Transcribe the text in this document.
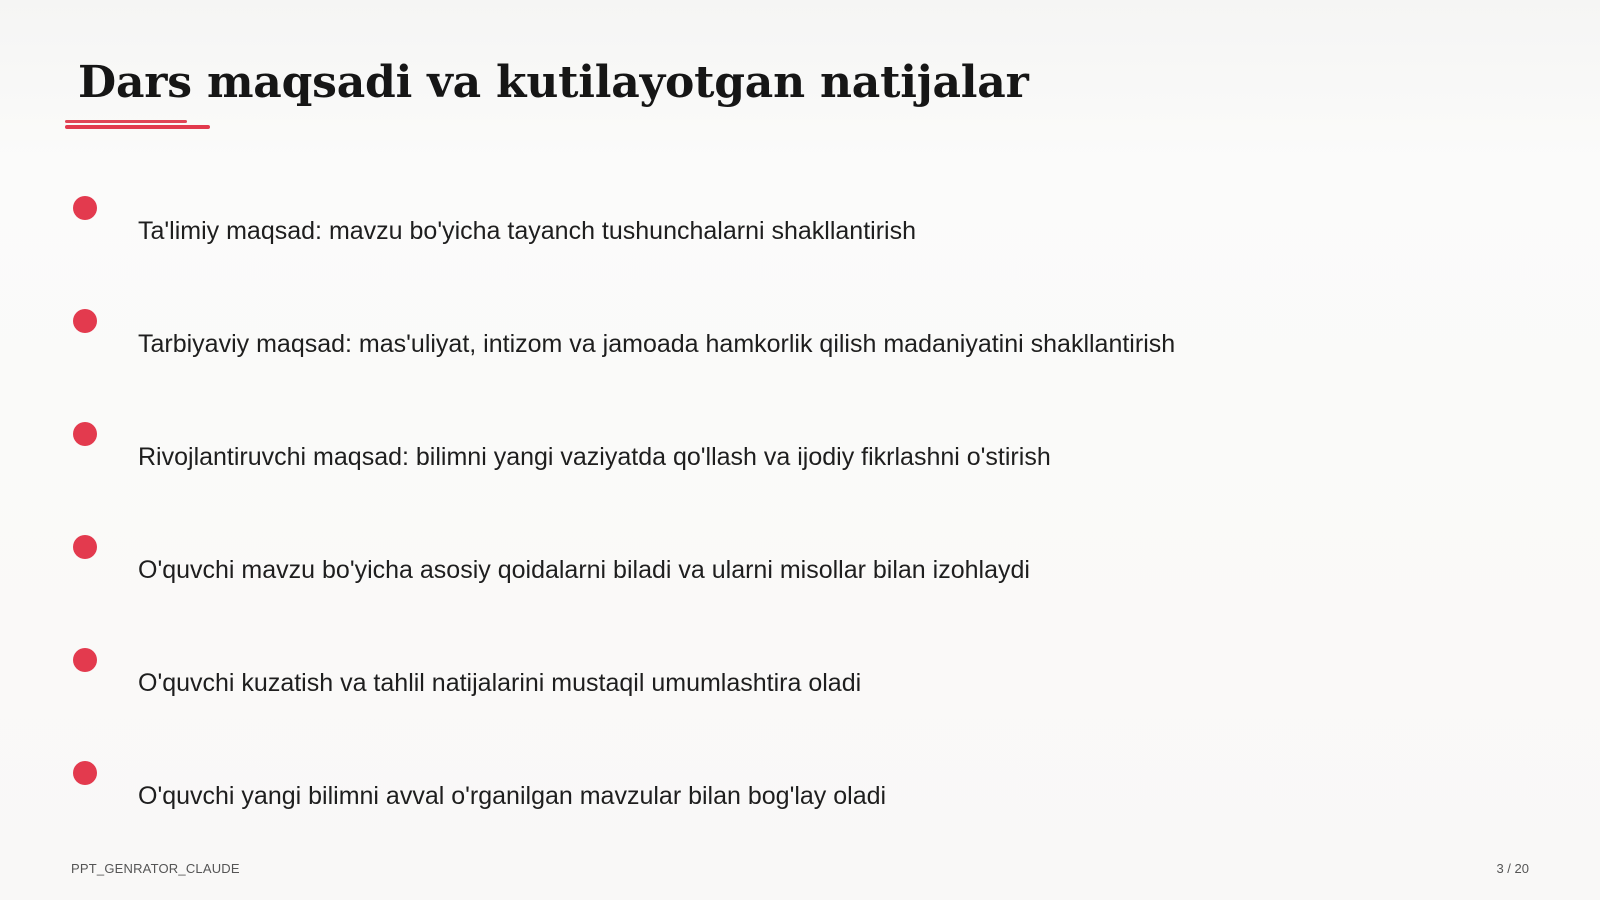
Dars maqsadi va kutilayotgan natijalar
Ta'limiy maqsad: mavzu bo'yicha tayanch tushunchalarni shakllantirish
Tarbiyaviy maqsad: mas'uliyat, intizom va jamoada hamkorlik qilish madaniyatini shakllantirish
Rivojlantiruvchi maqsad: bilimni yangi vaziyatda qo'llash va ijodiy fikrlashni o'stirish
O'quvchi mavzu bo'yicha asosiy qoidalarni biladi va ularni misollar bilan izohlaydi
O'quvchi kuzatish va tahlil natijalarini mustaqil umumlashtira oladi
O'quvchi yangi bilimni avval o'rganilgan mavzular bilan bog'lay oladi
PPT_GENRATOR_CLAUDE	3 / 20
